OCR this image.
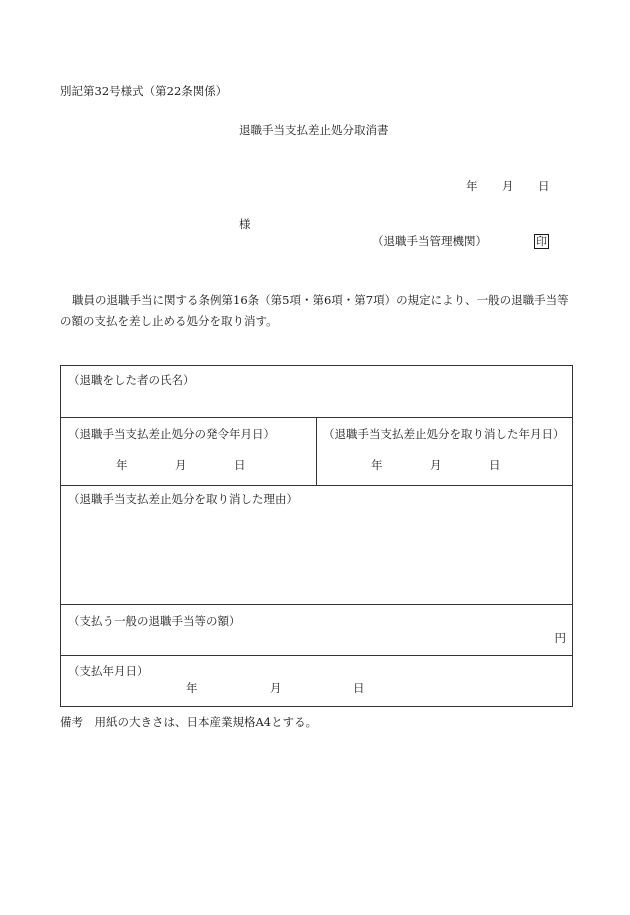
別記第32号様式（第22条関係）
退職手当支払差止処分取消書
年 月 日
様
（退職手当管理機関）	印
職員の退職手当に関する条例第16条（第5項・第6項・第7項）の規定により、一般の退職手当等の額の支払を差し止める処分を取り消す。
（退職をした者の氏名）
（退職手当支払差止処分の発令年月日）
年	月	日
（退職手当支払差止処分を取り消した年月日）
年	月	日
（退職手当支払差止処分を取り消した理由）
（支払う一般の退職手当等の額）
円
（支払年月日）
年	月	日
備考　用紙の大きさは、日本産業規格A4とする。
